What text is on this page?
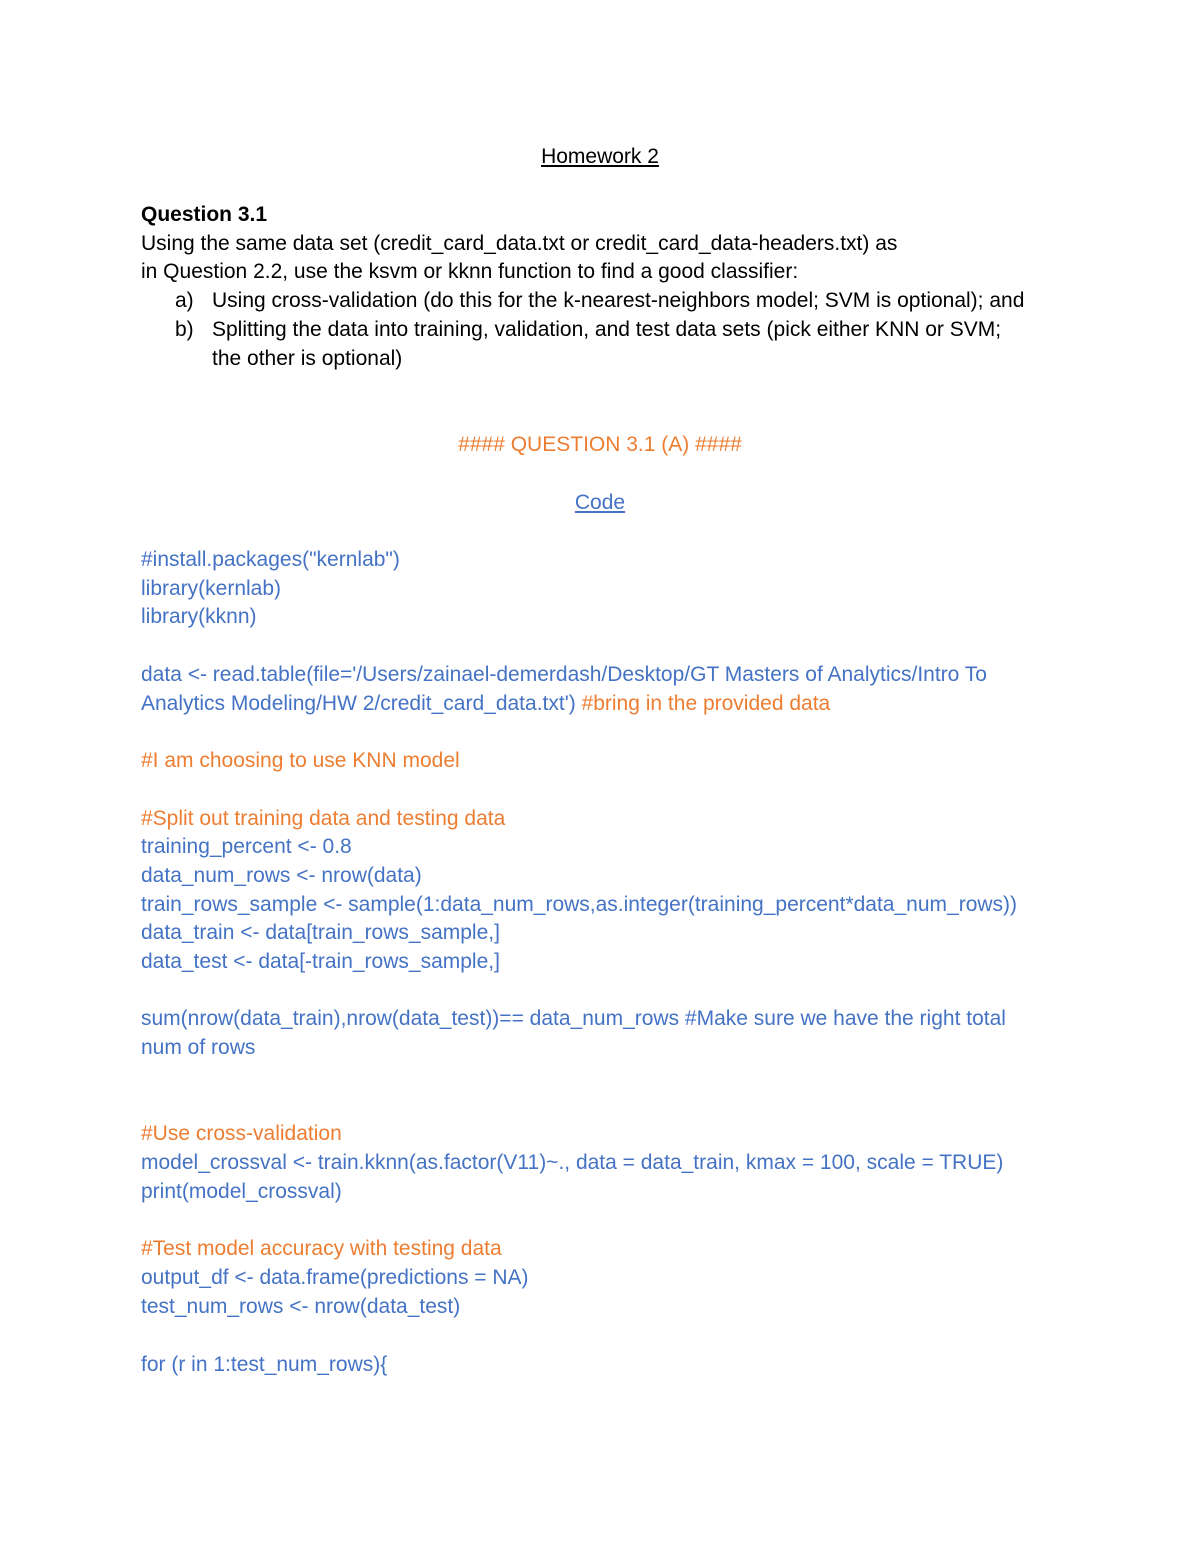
Homework 2
Question 3.1
Using the same data set (credit_card_data.txt or credit_card_data-headers.txt) as
in Question 2.2, use the ksvm or kknn function to find a good classifier:
a) Using cross-validation (do this for the k-nearest-neighbors model; SVM is optional); and
b) Splitting the data into training, validation, and test data sets (pick either KNN or SVM;
the other is optional)
#### QUESTION 3.1 (A) ####
Code
#install.packages("kernlab")
library(kernlab)
library(kknn)
data <- read.table(file='/Users/zainael-demerdash/Desktop/GT Masters of Analytics/Intro To
Analytics Modeling/HW 2/credit_card_data.txt') #bring in the provided data
#I am choosing to use KNN model
#Split out training data and testing data
training_percent <- 0.8
data_num_rows <- nrow(data)
train_rows_sample <- sample(1:data_num_rows,as.integer(training_percent*data_num_rows))
data_train <- data[train_rows_sample,]
data_test <- data[-train_rows_sample,]
sum(nrow(data_train),nrow(data_test))== data_num_rows #Make sure we have the right total
num of rows
#Use cross-validation
model_crossval <- train.kknn(as.factor(V11)~., data = data_train, kmax = 100, scale = TRUE)
print(model_crossval)
#Test model accuracy with testing data
output_df <- data.frame(predictions = NA)
test_num_rows <- nrow(data_test)
for (r in 1:test_num_rows){
